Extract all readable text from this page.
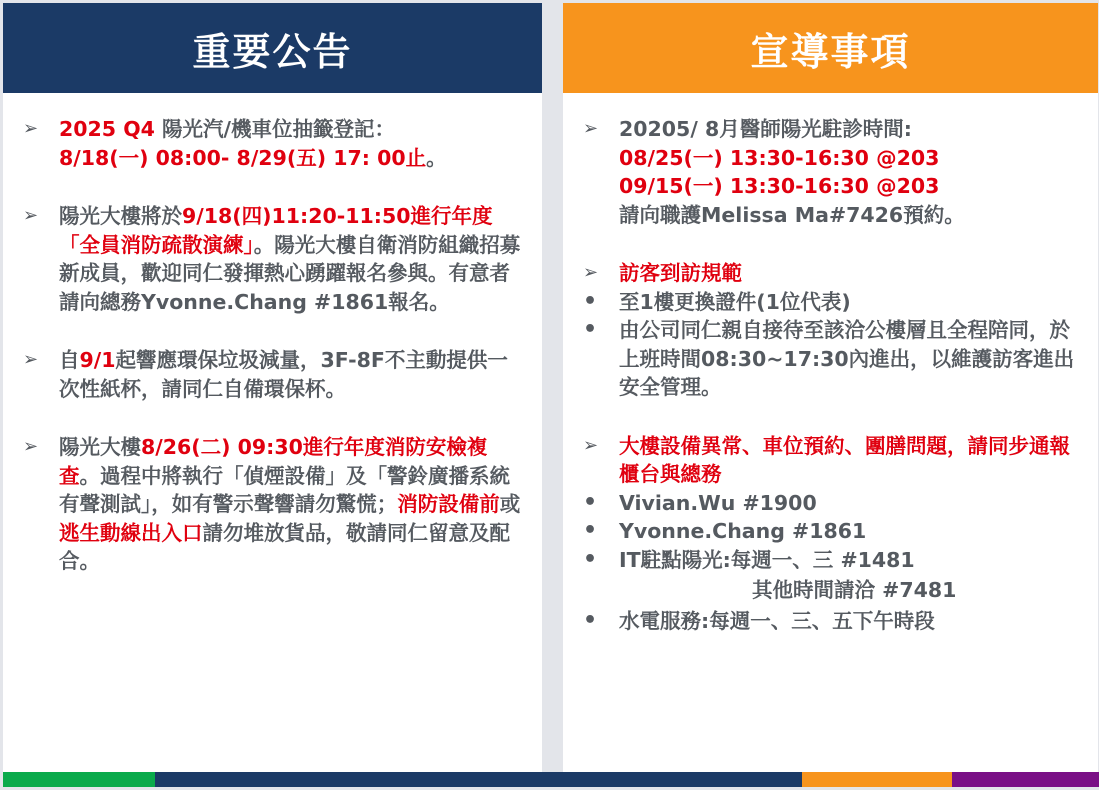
重要公告
➢	2025 Q4 陽光汽/機車位抽籤登記：
8/18(一) 08:00- 8/29(五) 17: 00止。
➢	陽光大樓將於9/18(四)11:20-11:50進行年度「全員消防疏散演練」。陽光大樓自衛消防組織招募新成員，歡迎同仁發揮熱心踴躍報名參與。有意者請向總務Yvonne.Chang #1861報名。
➢	自9/1起響應環保垃圾減量，3F-8F不主動提供一次性紙杯，請同仁自備環保杯。
➢	陽光大樓8/26(二) 09:30進行年度消防安檢複查。過程中將執行「偵煙設備」及「警鈴廣播系統有聲測試」，如有警示聲響請勿驚慌；消防設備前或逃生動線出入口請勿堆放貨品，敬請同仁留意及配合。
宣導事項
➢	20205/ 8月醫師陽光駐診時間:
08/25(一) 13:30-16:30 @203
09/15(一) 13:30-16:30 @203
請向職護Melissa Ma#7426預約。
➢	訪客到訪規範
•	至1樓更換證件(1位代表)
•	由公司同仁親自接待至該洽公樓層且全程陪同，於上班時間08:30~17:30內進出，以維護訪客進出安全管理。
➢	大樓設備異常、車位預約、團膳問題，請同步通報櫃台與總務
•	Vivian.Wu #1900
•	Yvonne.Chang #1861
•	IT駐點陽光:每週一、三 #1481
其他時間請洽 #7481
•	水電服務:每週一、三、五下午時段
